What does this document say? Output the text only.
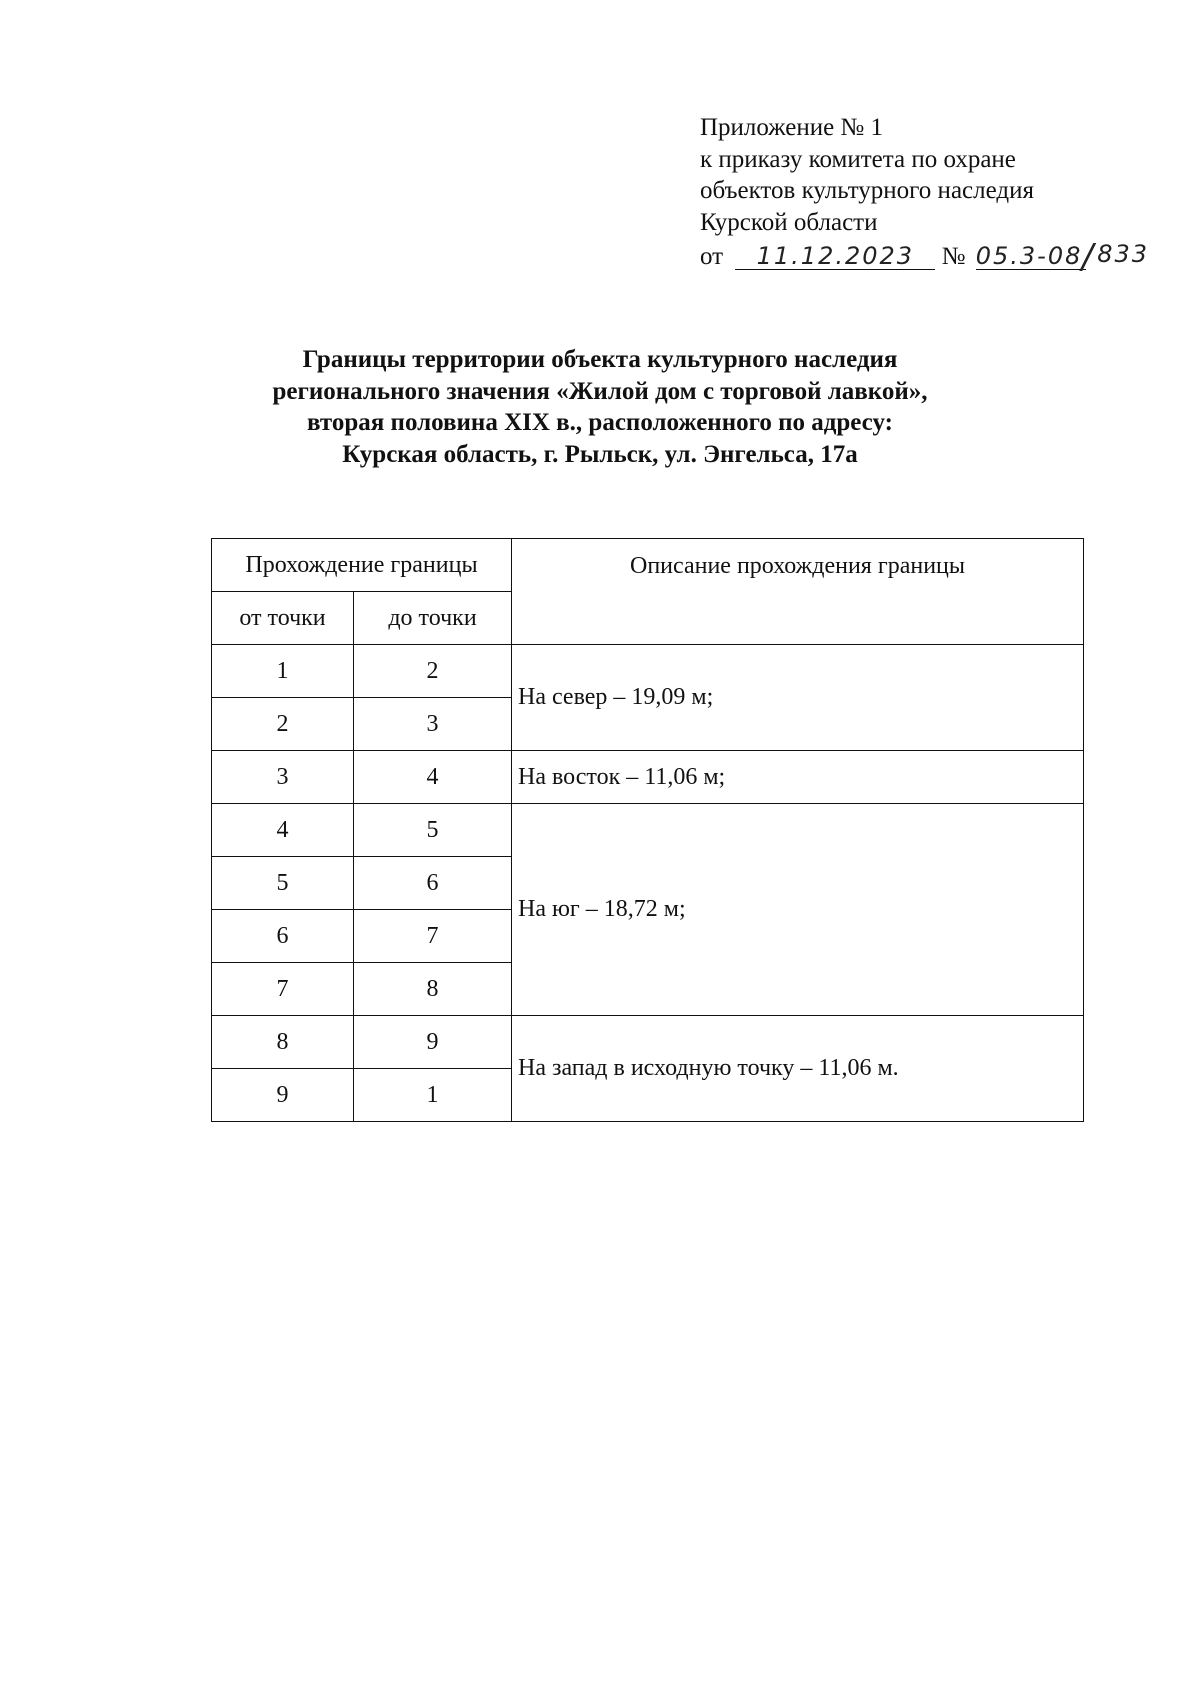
Приложение № 1
к приказу комитета по охране
объектов культурного наследия
Курской области
от 11.12.2023 № 05.3-08/833
Границы территории объекта культурного наследия
регионального значения «Жилой дом с торговой лавкой»,
вторая половина XIX в., расположенного по адресу:
Курская область, г. Рыльск, ул. Энгельса, 17а
Прохождение границы		Описание прохождения границы
от точки	до точки	
1	2	На север – 19,09 м;
2	3	
3	4	На восток – 11,06 м;
4	5	На юг – 18,72 м;
5	6	
6	7	
7	8	
8	9	На запад в исходную точку – 11,06 м.
9	1	
